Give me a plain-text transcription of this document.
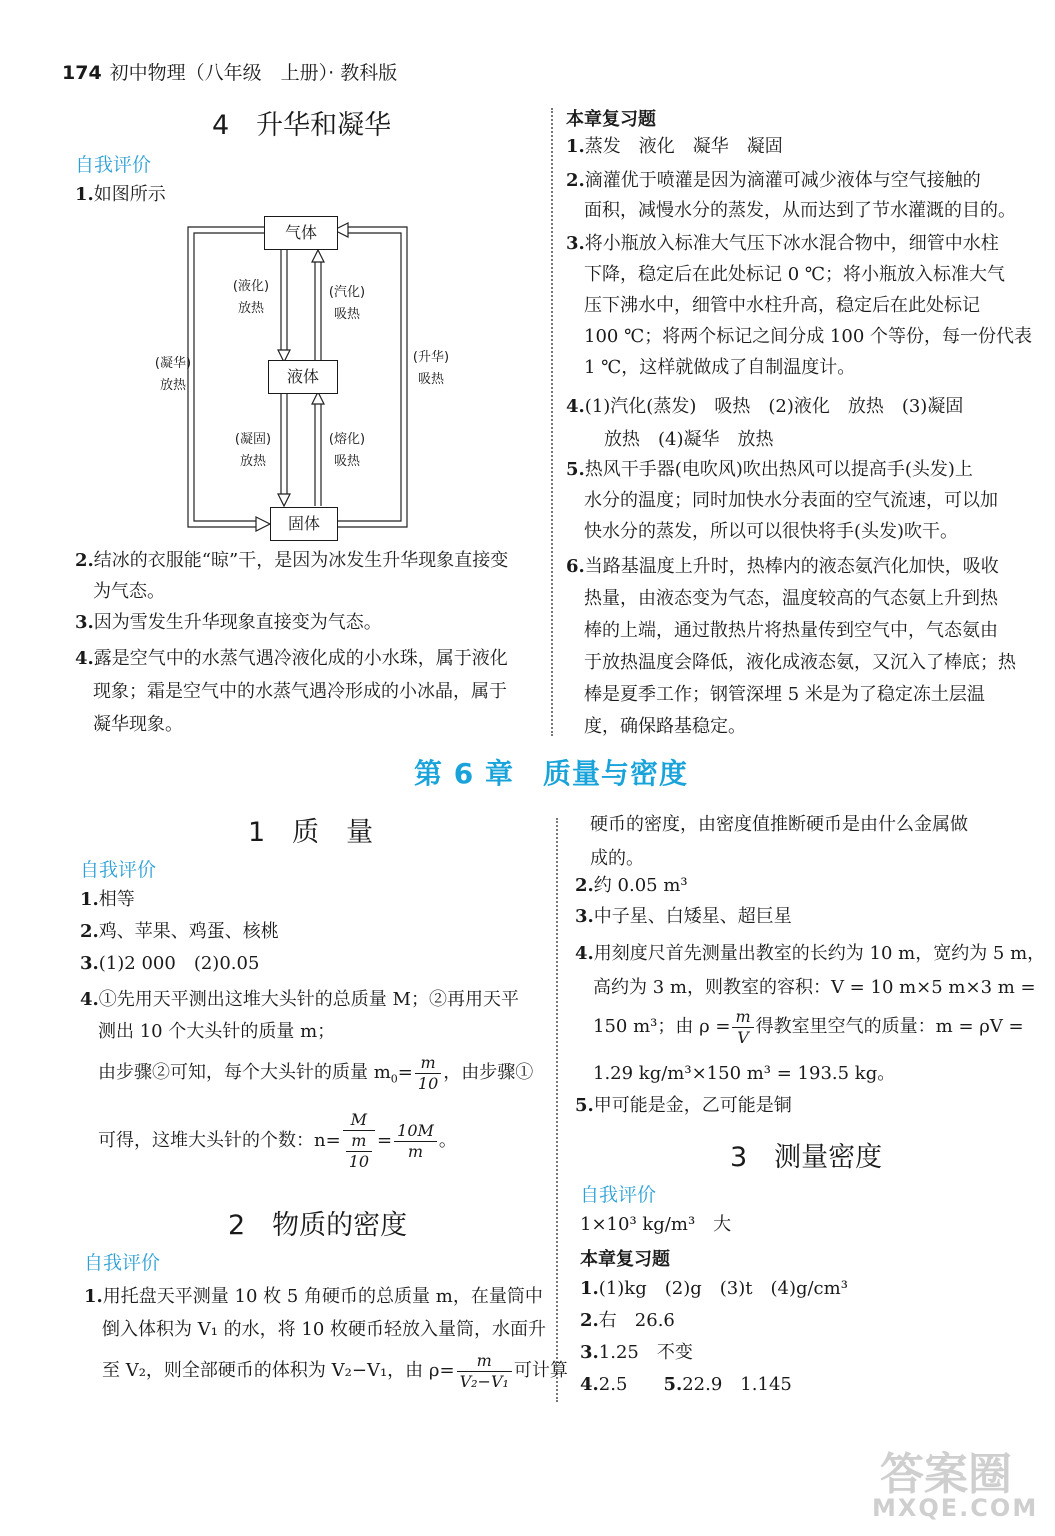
174 初中物理（八年级　上册）· 教科版
4　升华和凝华
自我评价
1.如图所示
气体
液体
固体
(液化)
放热
(汽化)
吸热
(凝华)
放热
(升华)
吸热
(凝固)
放热
(熔化)
吸热
2.结冰的衣服能“晾”干，是因为冰发生升华现象直接变
为气态。
3.因为雪发生升华现象直接变为气态。
4.露是空气中的水蒸气遇冷液化成的小水珠，属于液化
现象；霜是空气中的水蒸气遇冷形成的小冰晶，属于
凝华现象。
本章复习题
1.蒸发　液化　凝华　凝固
2.滴灌优于喷灌是因为滴灌可减少液体与空气接触的
面积，减慢水分的蒸发，从而达到了节水灌溉的目的。
3.将小瓶放入标准大气压下冰水混合物中，细管中水柱
下降，稳定后在此处标记 0 ℃；将小瓶放入标准大气
压下沸水中，细管中水柱升高，稳定后在此处标记
100 ℃；将两个标记之间分成 100 个等份，每一份代表
1 ℃，这样就做成了自制温度计。
4.(1)汽化(蒸发)　吸热　(2)液化　放热　(3)凝固
放热　(4)凝华　放热
5.热风干手器(电吹风)吹出热风可以提高手(头发)上
水分的温度；同时加快水分表面的空气流速，可以加
快水分的蒸发，所以可以很快将手(头发)吹干。
6.当路基温度上升时，热棒内的液态氨汽化加快，吸收
热量，由液态变为气态，温度较高的气态氨上升到热
棒的上端，通过散热片将热量传到空气中，气态氨由
于放热温度会降低，液化成液态氨，又沉入了棒底；热
棒是夏季工作；钢管深埋 5 米是为了稳定冻土层温
度，确保路基稳定。
第 6 章　质量与密度
1　质　量
自我评价
1.相等
2.鸡、苹果、鸡蛋、核桃
3.(1)2 000　(2)0.05
4.①先用天平测出这堆大头针的总质量 M；②再用天平
测出 10 个大头针的质量 m；
由步骤②可知，每个大头针的质量 $m_0= \frac{m}{10}$ ，由步骤①
可得，这堆大头针的个数：n= M
m
$10 = \frac{10M}{m}$ 。
2　物质的密度
自我评价
1.用托盘天平测量 10 枚 5 角硬币的总质量 m，在量筒中
倒入体积为 V₁ 的水，将 10 枚硬币轻放入量筒，水面升
至 V₂，则全部硬币的体积为 V₂−V₁，由 $\rho= \frac{m}{\text{V₂−V₁}}$ 可计算
硬币的密度，由密度值推断硬币是由什么金属做
成的。
2.约 0.05 m³
3.中子星、白矮星、超巨星
4.用刻度尺首先测量出教室的长约为 10 m，宽约为 5 m，
高约为 3 m，则教室的容积：V = 10 m×5 m×3 m =
150 m³；由 $\rho = \frac{m}{V}$ 得教室里空气的质量：m = ρV =
1.29 kg/m³×150 m³ = 193.5 kg。
5.甲可能是金，乙可能是铜
3　测量密度
自我评价
1×10³ kg/m³　大
本章复习题
1.(1)kg　(2)g　(3)t　(4)g/cm³
2.右　26.6
3.1.25　不变
4.2.5　　5.22.9　1.145
答案圈
MXQE.COM
